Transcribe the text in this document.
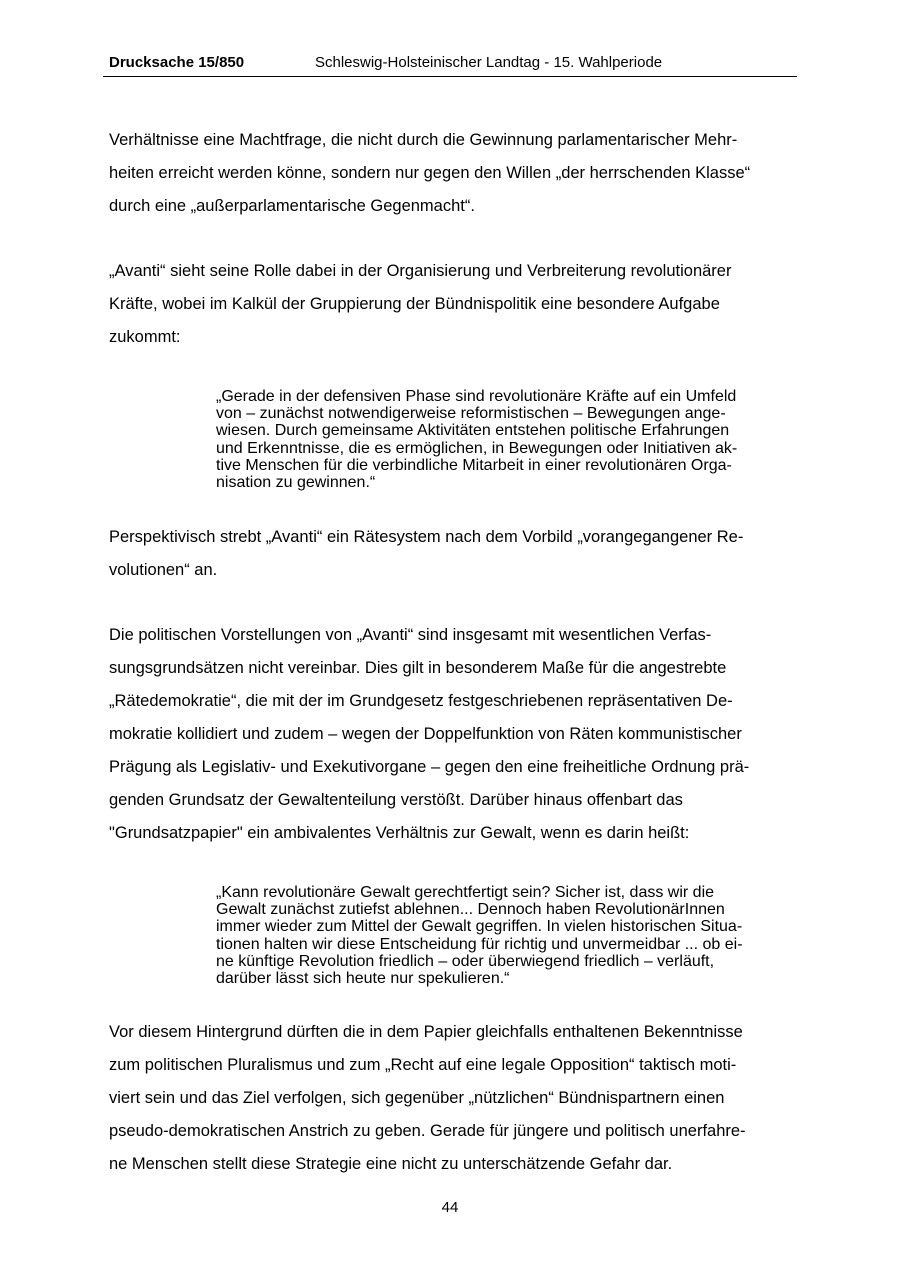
Drucksache 15/850	Schleswig-Holsteinischer Landtag - 15. Wahlperiode
Verhältnisse eine Machtfrage, die nicht durch die Gewinnung parlamentarischer Mehr-
heiten erreicht werden könne, sondern nur gegen den Willen „der herrschenden Klasse“
durch eine „außerparlamentarische Gegenmacht“.
„Avanti“ sieht seine Rolle dabei in der Organisierung und Verbreiterung revolutionärer
Kräfte, wobei im Kalkül der Gruppierung der Bündnispolitik eine besondere Aufgabe
zukommt:
„Gerade in der defensiven Phase sind revolutionäre Kräfte auf ein Umfeld
von – zunächst notwendigerweise reformistischen – Bewegungen ange-
wiesen. Durch gemeinsame Aktivitäten entstehen politische Erfahrungen
und Erkenntnisse, die es ermöglichen, in Bewegungen oder Initiativen ak-
tive Menschen für die verbindliche Mitarbeit in einer revolutionären Orga-
nisation zu gewinnen.“
Perspektivisch strebt „Avanti“ ein Rätesystem nach dem Vorbild „vorangegangener Re-
volutionen“ an.
Die politischen Vorstellungen von „Avanti“ sind insgesamt mit wesentlichen Verfas-
sungsgrundsätzen nicht vereinbar. Dies gilt in besonderem Maße für die angestrebte
„Rätedemokratie“, die mit der im Grundgesetz festgeschriebenen repräsentativen De-
mokratie kollidiert und zudem – wegen der Doppelfunktion von Räten kommunistischer
Prägung als Legislativ- und Exekutivorgane – gegen den eine freiheitliche Ordnung prä-
genden Grundsatz der Gewaltenteilung verstößt. Darüber hinaus offenbart das
"Grundsatzpapier" ein ambivalentes Verhältnis zur Gewalt, wenn es darin heißt:
„Kann revolutionäre Gewalt gerechtfertigt sein? Sicher ist, dass wir die
Gewalt zunächst zutiefst ablehnen... Dennoch haben RevolutionärInnen
immer wieder zum Mittel der Gewalt gegriffen. In vielen historischen Situa-
tionen halten wir diese Entscheidung für richtig und unvermeidbar ... ob ei-
ne künftige Revolution friedlich – oder überwiegend friedlich – verläuft,
darüber lässt sich heute nur spekulieren.“
Vor diesem Hintergrund dürften die in dem Papier gleichfalls enthaltenen Bekenntnisse
zum politischen Pluralismus und zum „Recht auf eine legale Opposition“ taktisch moti-
viert sein und das Ziel verfolgen, sich gegenüber „nützlichen“ Bündnispartnern einen
pseudo-demokratischen Anstrich zu geben. Gerade für jüngere und politisch unerfahre-
ne Menschen stellt diese Strategie eine nicht zu unterschätzende Gefahr dar.
44
